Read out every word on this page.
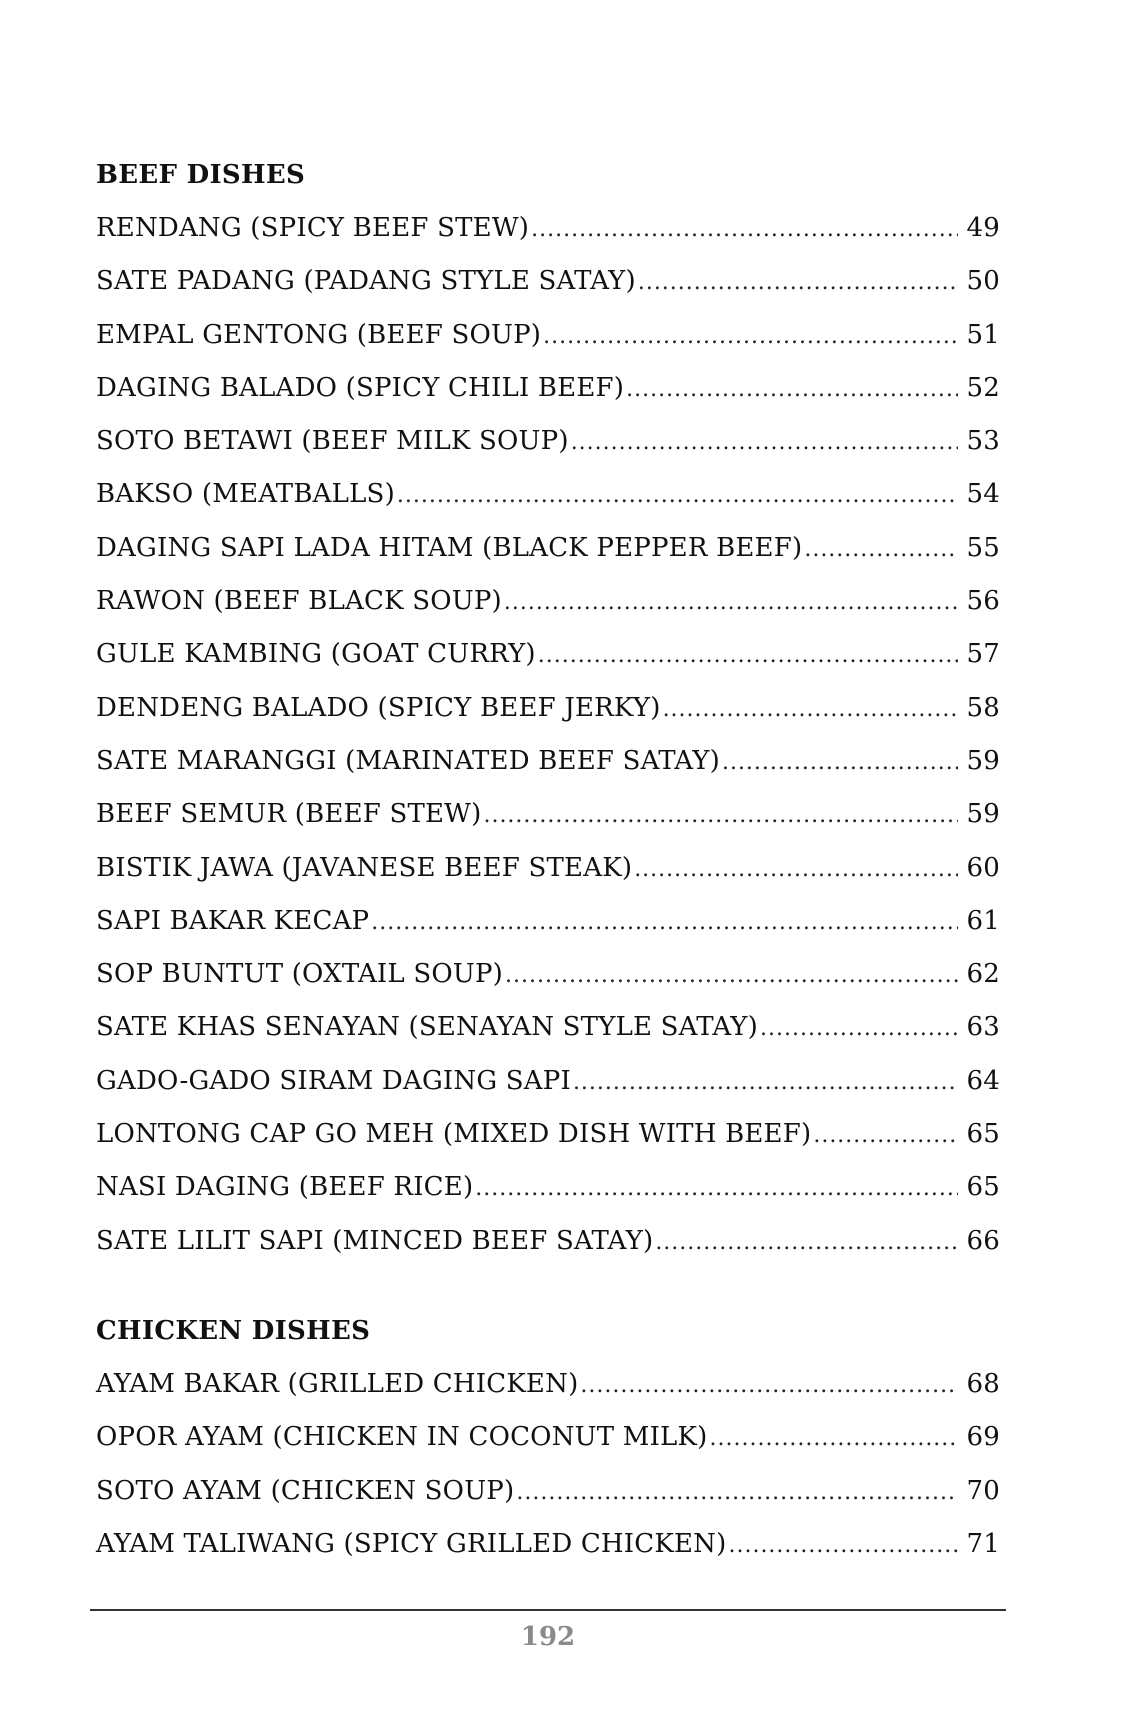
BEEF DISHES
RENDANG (SPICY BEEF STEW) .....	49
SATE PADANG (PADANG STYLE SATAY) .....	50
EMPAL GENTONG (BEEF SOUP) .....	51
DAGING BALADO (SPICY CHILI BEEF) .....	52
SOTO BETAWI (BEEF MILK SOUP) .....	53
BAKSO (MEATBALLS) .....	54
DAGING SAPI LADA HITAM (BLACK PEPPER BEEF) .....	55
RAWON (BEEF BLACK SOUP) .....	56
GULE KAMBING (GOAT CURRY) .....	57
DENDENG BALADO (SPICY BEEF JERKY) .....	58
SATE MARANGGI (MARINATED BEEF SATAY) .....	59
BEEF SEMUR (BEEF STEW) .....	59
BISTIK JAWA (JAVANESE BEEF STEAK) .....	60
SAPI BAKAR KECAP .....	61
SOP BUNTUT (OXTAIL SOUP) .....	62
SATE KHAS SENAYAN (SENAYAN STYLE SATAY) .....	63
GADO-GADO SIRAM DAGING SAPI .....	64
LONTONG CAP GO MEH (MIXED DISH WITH BEEF) .....	65
NASI DAGING (BEEF RICE) .....	65
SATE LILIT SAPI (MINCED BEEF SATAY) .....	66
CHICKEN DISHES
AYAM BAKAR (GRILLED CHICKEN) .....	68
OPOR AYAM (CHICKEN IN COCONUT MILK) .....	69
SOTO AYAM (CHICKEN SOUP) .....	70
AYAM TALIWANG (SPICY GRILLED CHICKEN) .....	71
192
